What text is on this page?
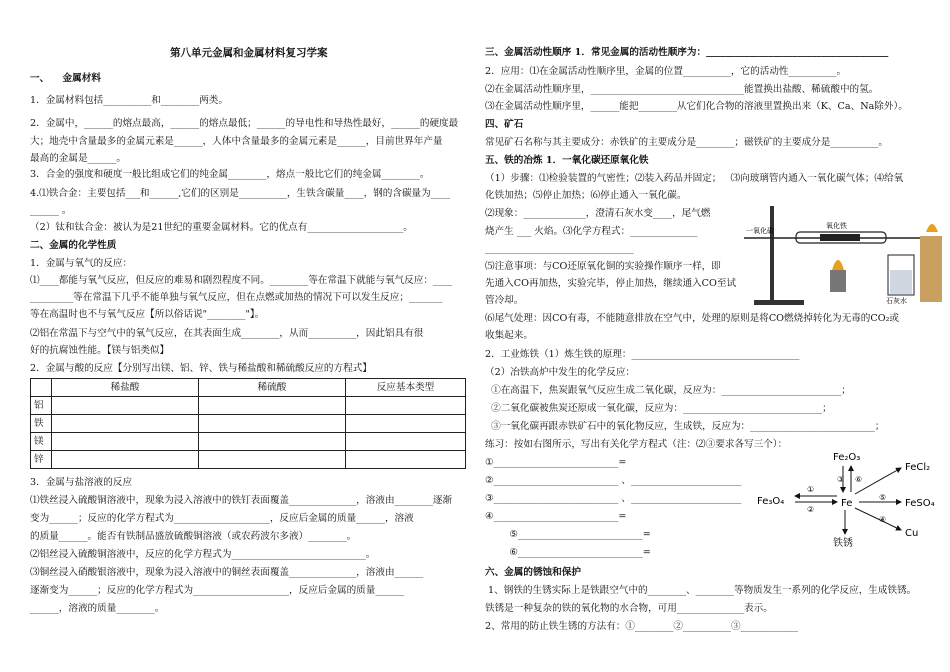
第八单元金属和金属材料复习学案
一、    金属材料
1．金属材料包括__________和________两类。
2．金属中，______的熔点最高，______的熔点最低；______的导电性和导热性最好，______的硬度最
大；地壳中含量最多的金属元素是______，人体中含量最多的金属元素是______，目前世界年产量
最高的金属是______。
3．合金的强度和硬度一般比组成它们的纯金属________，熔点一般比它们的纯金属________。
4.⑴铁合金：主要包括___和______,它们的区别是__________，生铁含碳量____，钢的含碳量为____
______ 。
（2）钛和钛合金：被认为是21世纪的重要金属材料。它的优点有____________________。
二、金属的化学性质
1．金属与氧气的反应：
⑴____都能与氧气反应，但反应的难易和剧烈程度不同。________等在常温下就能与氧气反应：____
_________等在常温下几乎不能单独与氧气反应，但在点燃或加热的情况下可以发生反应；_______
等在高温时也不与氧气反应【所以俗话说"________"】。
⑵铝在常温下与空气中的氧气反应，在其表面生成________，从而__________，因此铝具有很
好的抗腐蚀性能。【镁与铝类似】
2．金属与酸的反应【分别写出镁、铝、锌、铁与稀盐酸和稀硫酸反应的方程式】
	稀盐酸	稀硫酸	反应基本类型
铝			
铁			
镁			
锌			
3．金属与盐溶液的反应
⑴铁丝浸入硫酸铜溶液中，现象为浸入溶液中的铁钉表面覆盖______________，溶液由________逐渐
变为______；反应的化学方程式为____________________，反应后金属的质量______，溶液
的质量______。能否有铁制品盛放硫酸铜溶液（或农药波尔多液）________。
⑵铝丝浸入硫酸铜溶液中，反应的化学方程式为____________________________。
⑶铜丝浸入硝酸银溶液中，现象为浸入溶液中的铜丝表面覆盖______________，溶液由______
逐渐变为______；反应的化学方程式为____________________，反应后金属的质量______
______，溶液的质量________。
三、金属活动性顺序 1．常见金属的活动性顺序为：______________________________________
2．应用：⑴在金属活动性顺序里，金属的位置__________，它的活动性__________。
⑵在金属活动性顺序里，________________________________能置换出盐酸、稀硫酸中的氢。
⑶在金属活动性顺序里，______能把________从它们化合物的溶液里置换出来（K、Ca、Na除外）。
四、矿石
常见矿石名称与其主要成分：赤铁矿的主要成分是________；磁铁矿的主要成分是__________。
五、铁的冶炼 1．一氧化碳还原氧化铁
（1）步骤：⑴检验装置的气密性；⑵装入药品并固定；   ⑶向玻璃管内通入一氧化碳气体；⑷给氧
化铁加热；⑸停止加热；⑹停止通入一氧化碳。
⑵现象：_____________，澄清石灰水变____，尾气燃
烧产生 ___ 火焰。⑶化学方程式：______________
_______________________________
⑸注意事项：与CO还原氧化铜的实验操作顺序一样，即
先通入CO再加热，实验完毕，停止加热，继续通入CO至试
管冷却。
⑹尾气处理：因CO有毒，不能随意排放在空气中，处理的原则是将CO燃烧掉转化为无毒的CO₂或
收集起来。
2．工业炼铁（1）炼生铁的原理：___________________________________
（2）冶铁高炉中发生的化学反应：
①在高温下，焦炭跟氧气反应生成二氧化碳，反应为：_________________________；
②二氧化碳被焦炭还原成一氧化碳，反应为：_____________________________；
③一氧化碳再跟赤铁矿石中的氧化物反应，生成铁，反应为：__________________________；
练习：按如右图所示，写出有关化学方程式（注：⑵③要求各写三个）：
①__________________________=
②__________________________ 、_______________________
③__________________________ 、_______________________
④__________________________=
⑤__________________________=
⑥__________________________=
六、金属的锈蚀和保护
1、钢铁的生锈实际上是铁跟空气中的________、________等物质发生一系列的化学反应，生成铁锈。
铁锈是一种复杂的铁的氧化物的水合物，可用______________表示。
2、常用的防止铁生锈的方法有：①________②__________③____________
一氧化碳
氧化铁
石灰水
Fe
Fe₂O₃
Fe₃O₄
FeCl₂
FeSO₄
Cu
铁锈
①
②
③
④
⑤
⑥
